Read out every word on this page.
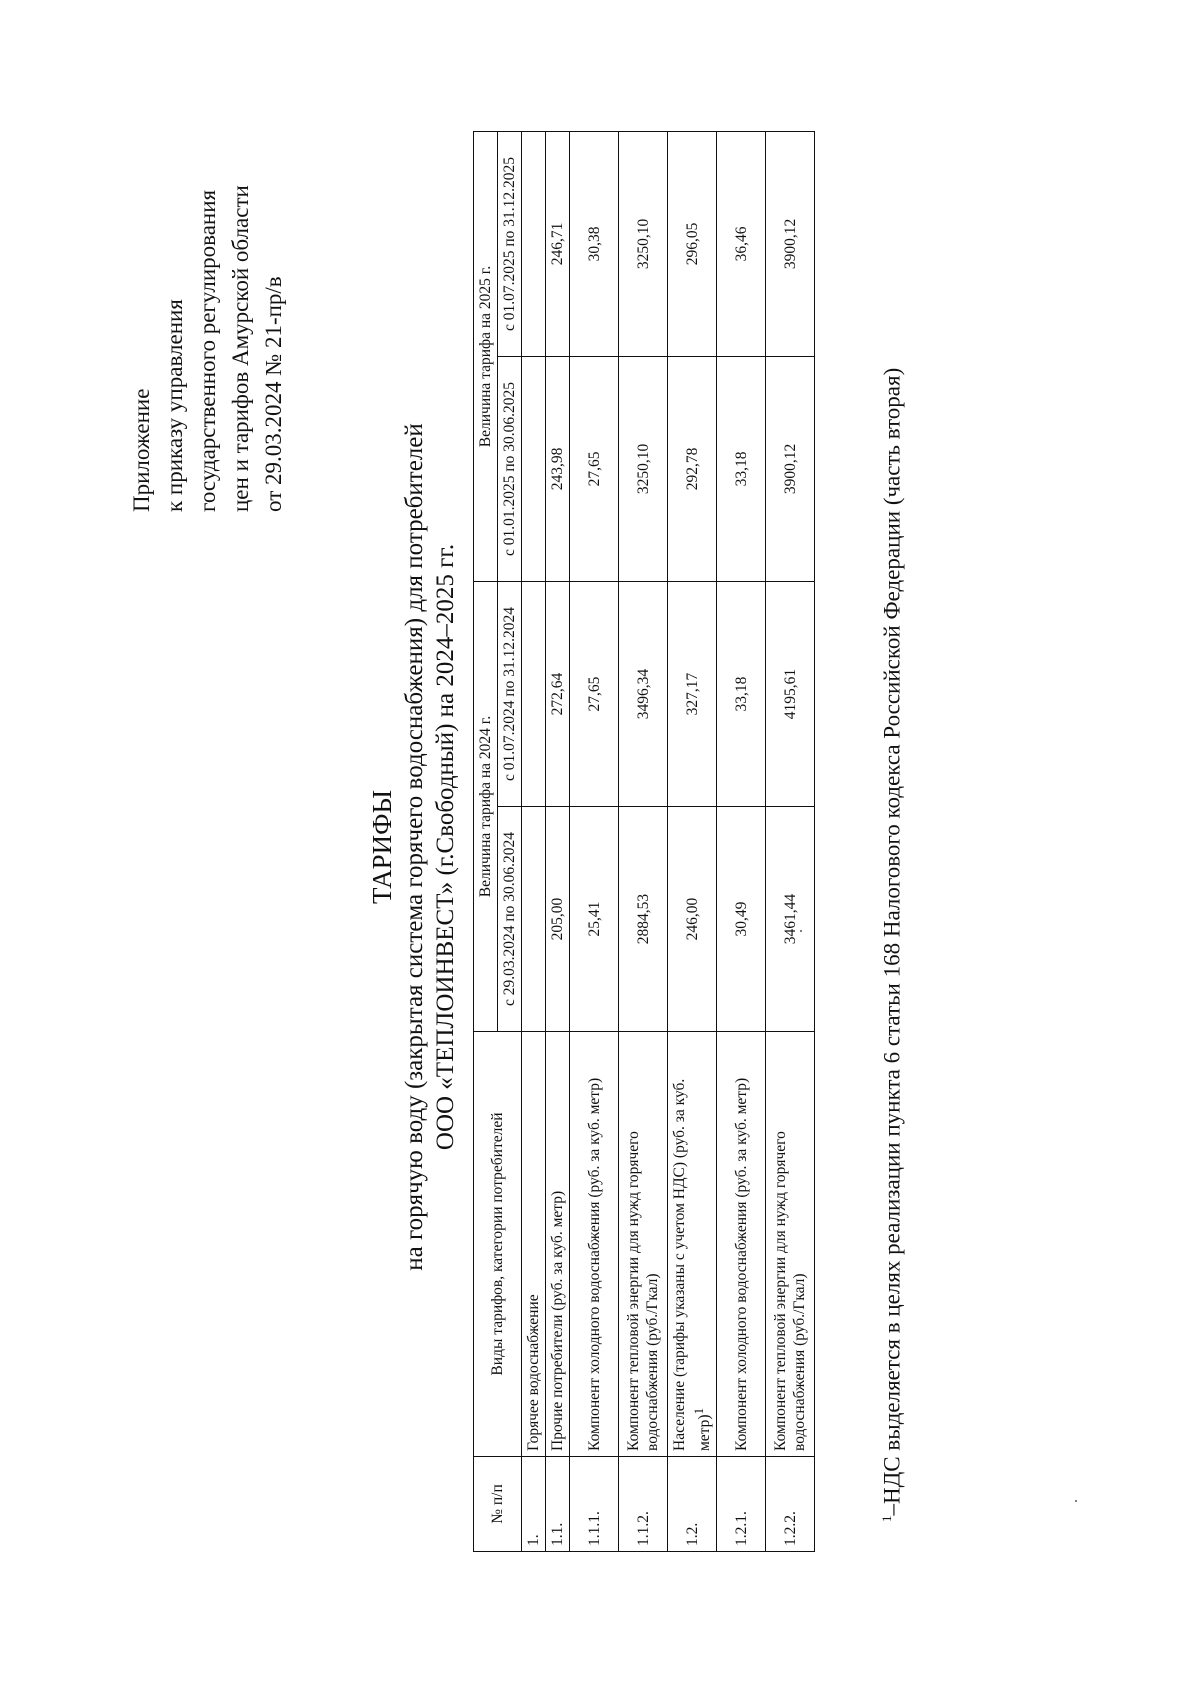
Приложение к приказу управления государственного регулирования цен и тарифов Амурской области от 29.03.2024 № 21-пр/в
ТАРИФЫ на горячую воду (закрытая система горячего водоснабжения) для потребителей ООО «ТЕПЛОИНВЕСТ» (г.Свободный) на 2024–2025 гг.
№ п/п	Виды тарифов, категории потребителей	Величина тарифа на 2024 г.		Величина тарифа на 2025 г.	
		с 29.03.2024 по 30.06.2024	с 01.07.2024 по 31.12.2024	с 01.01.2025 по 30.06.2025	с 01.07.2025 по 31.12.2025
1.	Горячее водоснабжение				
1.1.	Прочие потребители (руб. за куб. метр)	205,00	272,64	243,98	246,71
1.1.1.	Компонент холодного водоснабжения (руб. за куб. метр)	25,41	27,65	27,65	30,38
1.1.2.	Компонент тепловой энергии для нужд горячего водоснабжения (руб./Гкал)	2884,53	3496,34	3250,10	3250,10
1.2.	Население (тарифы указаны с учетом НДС) (руб. за куб. метр)$^1$	246,00	327,17	292,78	296,05
1.2.1.	Компонент холодного водоснабжения (руб. за куб. метр)	30,49	33,18	33,18	36,46
1.2.2.	Компонент тепловой энергии для нужд горячего водоснабжения (руб./Гкал)	3461,44	4195,61	3900,12	3900,12
$^1$–НДС выделяется в целях реализации пункта 6 статьи 168 Налогового кодекса Российской Федерации (часть вторая)
